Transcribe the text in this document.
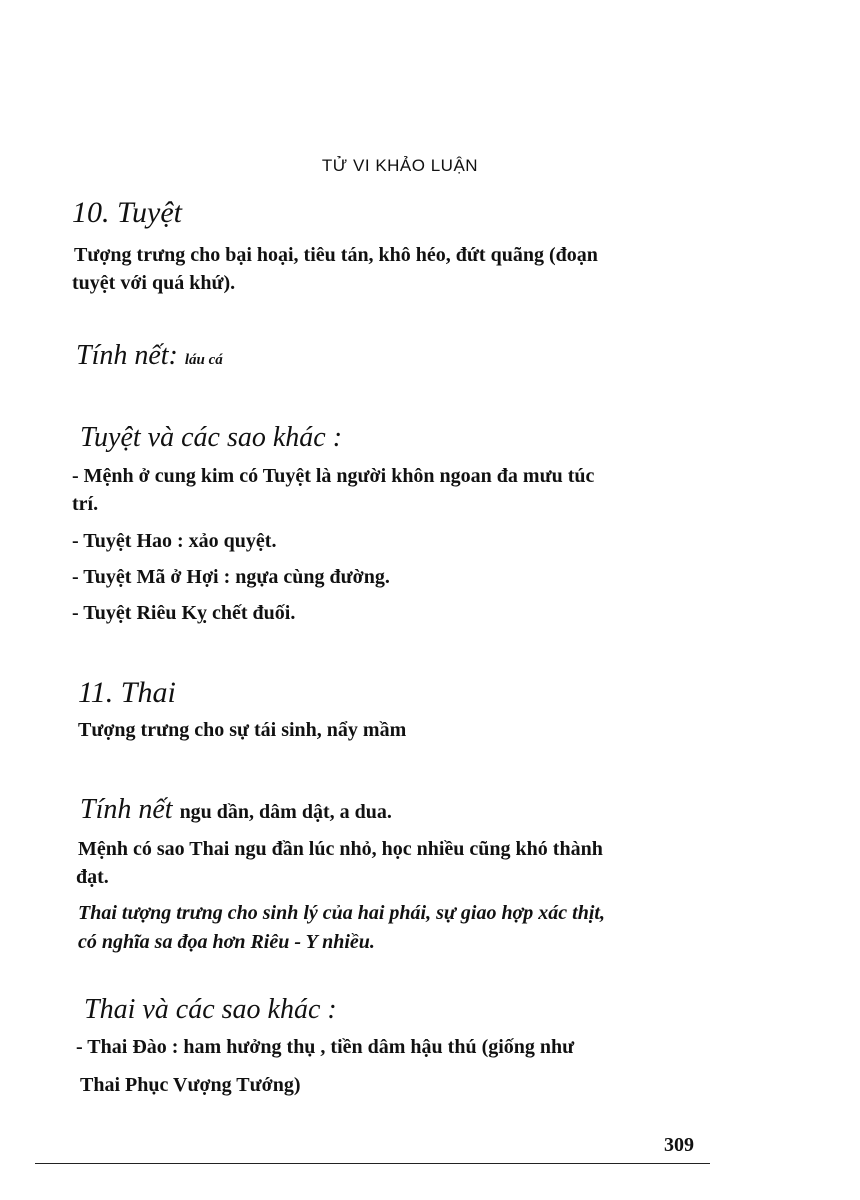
TỬ VI KHẢO LUẬN
10. Tuyệt
Tượng trưng cho bại hoại, tiêu tán, khô héo, đứt quãng (đoạn
tuyệt với quá khứ).
Tính nết: láu cá
Tuyệt và các sao khác :
- Mệnh ở cung kim có Tuyệt là người khôn ngoan đa mưu túc
trí.
- Tuyệt Hao : xảo quyệt.
- Tuyệt Mã ở Hợi : ngựa cùng đường.
- Tuyệt Riêu Kỵ chết đuối.
11. Thai
Tượng trưng cho sự tái sinh, nẩy mầm
Tính nết ngu dần, dâm dật, a dua.
Mệnh có sao Thai ngu đần lúc nhỏ, học nhiều cũng khó thành
đạt.
Thai tượng trưng cho sinh lý của hai phái, sự giao hợp xác thịt,
có nghĩa sa đọa hơn Riêu - Y nhiều.
Thai và các sao khác :
- Thai Đào : ham hưởng thụ , tiền dâm hậu thú (giống như
Thai Phục Vượng Tướng)
309
